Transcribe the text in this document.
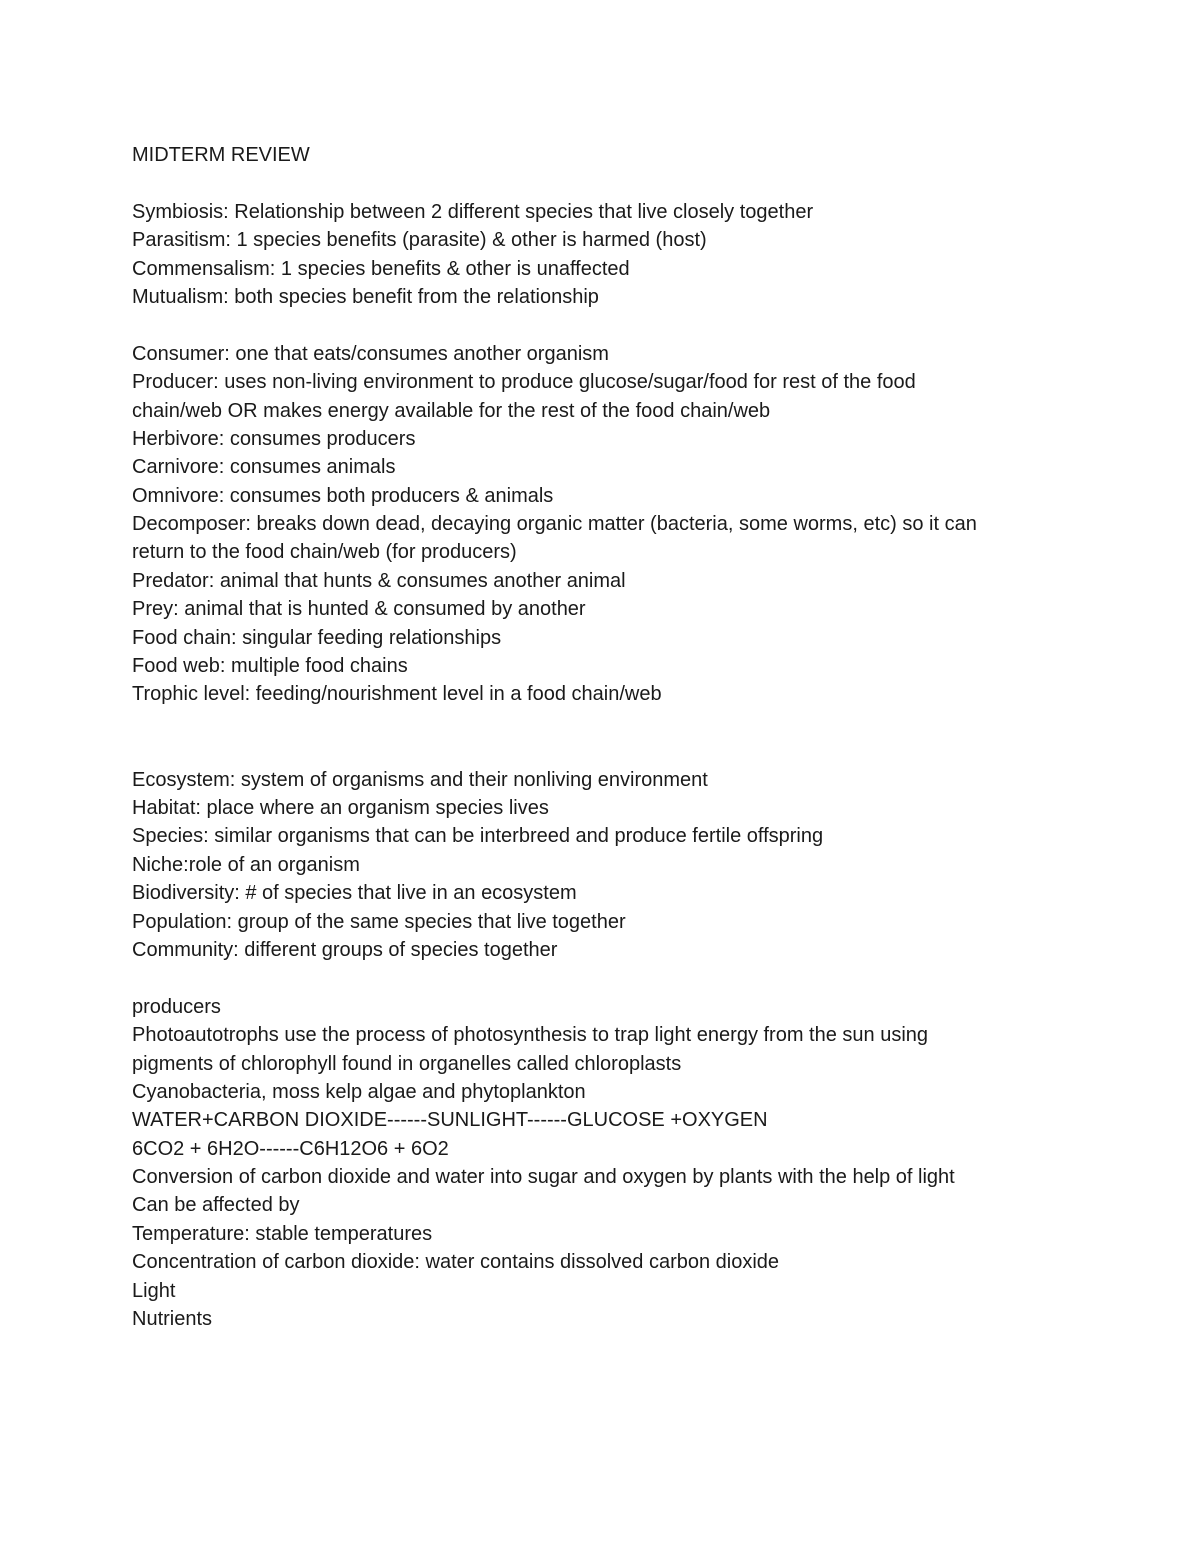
MIDTERM REVIEW
Symbiosis: Relationship between 2 different species that live closely together
Parasitism: 1 species benefits (parasite) & other is harmed (host)
Commensalism: 1 species benefits & other is unaffected
Mutualism: both species benefit from the relationship
Consumer: one that eats/consumes another organism
Producer: uses non-living environment to produce glucose/sugar/food for rest of the food
chain/web OR makes energy available for the rest of the food chain/web
Herbivore: consumes producers
Carnivore: consumes animals
Omnivore: consumes both producers & animals
Decomposer: breaks down dead, decaying organic matter (bacteria, some worms, etc) so it can
return to the food chain/web (for producers)
Predator: animal that hunts & consumes another animal
Prey: animal that is hunted & consumed by another
Food chain: singular feeding relationships
Food web: multiple food chains
Trophic level: feeding/nourishment level in a food chain/web
Ecosystem: system of organisms and their nonliving environment
Habitat: place where an organism species lives
Species: similar organisms that can be interbreed and produce fertile offspring
Niche:role of an organism
Biodiversity: # of species that live in an ecosystem
Population: group of the same species that live together
Community: different groups of species together
producers
Photoautotrophs use the process of photosynthesis to trap light energy from the sun using
pigments of chlorophyll found in organelles called chloroplasts
Cyanobacteria, moss kelp algae and phytoplankton
WATER+CARBON DIOXIDE------SUNLIGHT------GLUCOSE +OXYGEN
6CO2 + 6H2O------C6H12O6 + 6O2
Conversion of carbon dioxide and water into sugar and oxygen by plants with the help of light
Can be affected by
Temperature: stable temperatures
Concentration of carbon dioxide: water contains dissolved carbon dioxide
Light
Nutrients
